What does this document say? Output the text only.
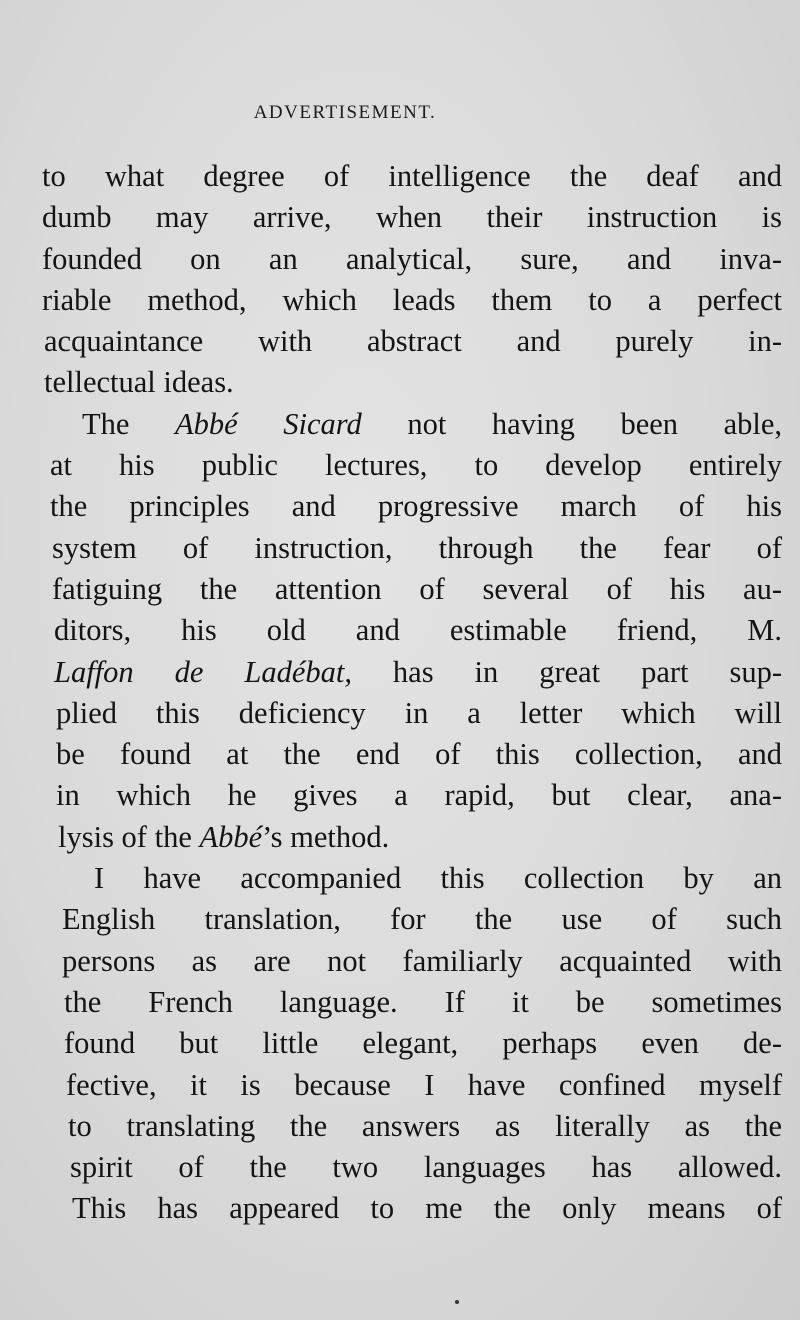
ADVERTISEMENT.
to what degree of intelligence the deaf and
dumb may arrive, when their instruction is
founded on an analytical, sure, and inva-
riable method, which leads them to a perfect
acquaintance with abstract and purely in-
tellectual ideas.
The Abbé Sicard not having been able,
at his public lectures, to develop entirely
the principles and progressive march of his
system of instruction, through the fear of
fatiguing the attention of several of his au-
ditors, his old and estimable friend, M.
Laffon de Ladébat, has in great part sup-
plied this deficiency in a letter which will
be found at the end of this collection, and
in which he gives a rapid, but clear, ana-
lysis of the Abbé’s method.
I have accompanied this collection by an
English translation, for the use of such
persons as are not familiarly acquainted with
the French language. If it be sometimes
found but little elegant, perhaps even de-
fective, it is because I have confined myself
to translating the answers as literally as the
spirit of the two languages has allowed.
This has appeared to me the only means of
